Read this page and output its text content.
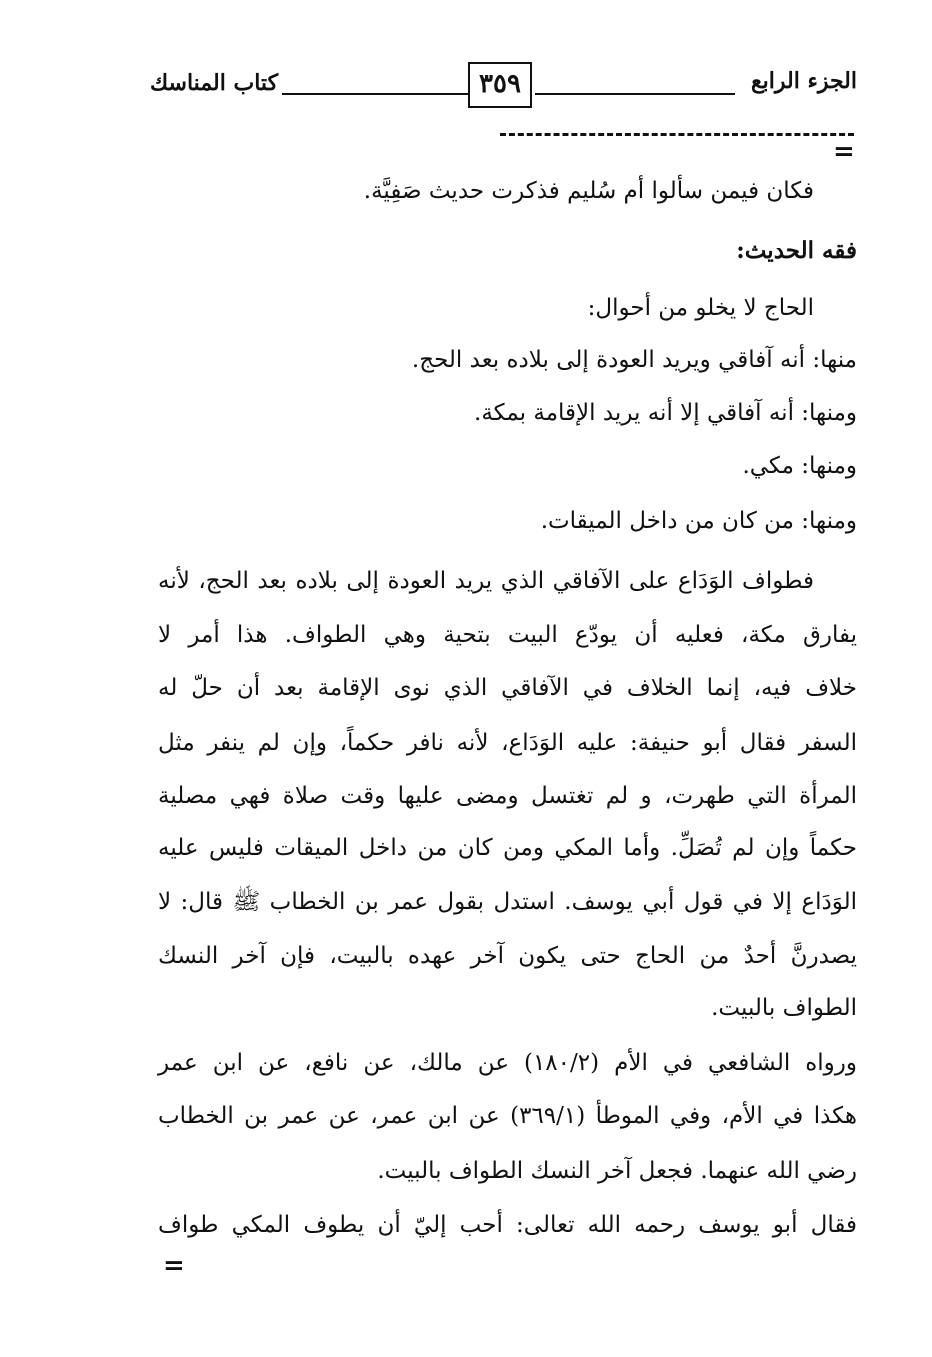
الجزء الرابع
٣٥٩
كتاب المناسك
=
فكان فيمن سألوا أم سُليم فذكرت حديث صَفِيَّة.
فقه الحديث:
الحاج لا يخلو من أحوال:
منها: أنه آفاقي ويريد العودة إلى بلاده بعد الحج.
ومنها: أنه آفاقي إلا أنه يريد الإقامة بمكة.
ومنها: مكي.
ومنها: من كان من داخل الميقات.
فطواف الوَدَاع على الآفاقي الذي يريد العودة إلى بلاده بعد الحج، لأنه
يفارق مكة، فعليه أن يودّع البيت بتحية وهي الطواف. هذا أمر لا
خلاف فيه، إنما الخلاف في الآفاقي الذي نوى الإقامة بعد أن حلّ له
السفر فقال أبو حنيفة: عليه الوَدَاع، لأنه نافر حكماً، وإن لم ينفر مثل
المرأة التي طهرت، و لم تغتسل ومضى عليها وقت صلاة فهي مصلية
حكماً وإن لم تُصَلِّ. وأما المكي ومن كان من داخل الميقات فليس عليه
الوَدَاع إلا في قول أبي يوسف. استدل بقول عمر بن الخطاب ﷺ قال: لا
يصدرنَّ أحدٌ من الحاج حتى يكون آخر عهده بالبيت، فإن آخر النسك
الطواف بالبيت.
ورواه الشافعي في الأم (١٨٠/٢) عن مالك، عن نافع، عن ابن عمر
هكذا في الأم، وفي الموطأ (٣٦٩/١) عن ابن عمر، عن عمر بن الخطاب
رضي الله عنهما. فجعل آخر النسك الطواف بالبيت.
فقال أبو يوسف رحمه الله تعالى: أحب إليّ أن يطوف المكي طواف
=
